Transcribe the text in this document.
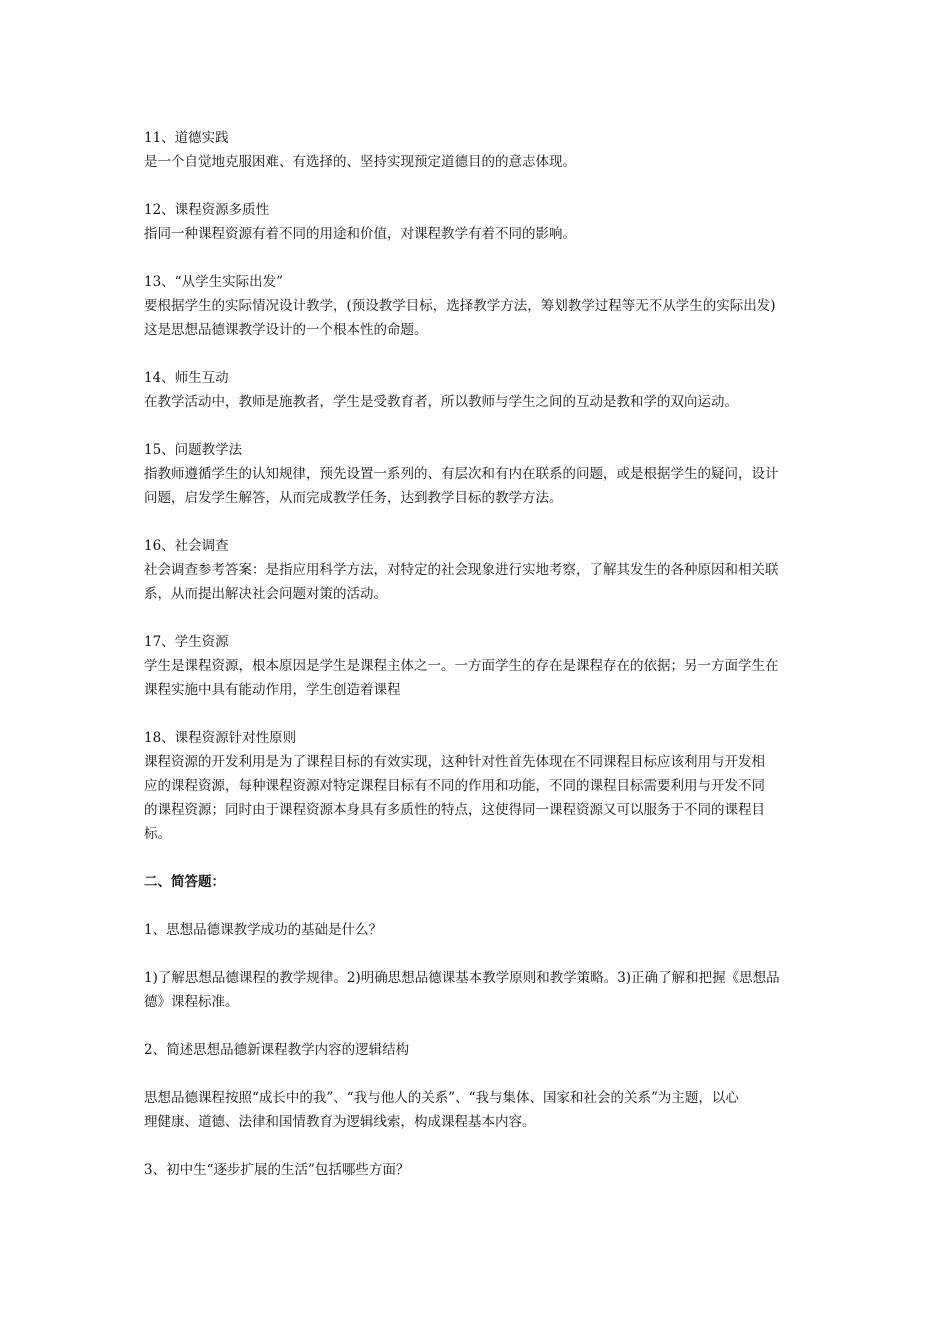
11、道德实践
是一个自觉地克服困难、有选择的、坚持实现预定道德目的的意志体现。
12、课程资源多质性
指同一种课程资源有着不同的用途和价值，对课程教学有着不同的影响。
13、“从学生实际出发”
要根据学生的实际情况设计教学，(预设教学目标，选择教学方法，筹划教学过程等无不从学生的实际出发)
这是思想品德课教学设计的一个根本性的命题。
14、师生互动
在教学活动中，教师是施教者，学生是受教育者，所以教师与学生之间的互动是教和学的双向运动。
15、问题教学法
指教师遵循学生的认知规律，预先设置一系列的、有层次和有内在联系的问题，或是根据学生的疑问，设计
问题，启发学生解答，从而完成教学任务，达到教学目标的教学方法。
16、社会调查
社会调查参考答案：是指应用科学方法，对特定的社会现象进行实地考察，了解其发生的各种原因和相关联
系，从而提出解决社会问题对策的活动。
17、学生资源
学生是课程资源，根本原因是学生是课程主体之一。一方面学生的存在是课程存在的依据；另一方面学生在
课程实施中具有能动作用，学生创造着课程
18、课程资源针对性原则
课程资源的开发利用是为了课程目标的有效实现，这种针对性首先体现在不同课程目标应该利用与开发相
应的课程资源，每种课程资源对特定课程目标有不同的作用和功能，不同的课程目标需要利用与开发不同
的课程资源；同时由于课程资源本身具有多质性的特点，这使得同一课程资源又可以服务于不同的课程目
标。
二、简答题：
1、思想品德课教学成功的基础是什么？
1)了解思想品德课程的教学规律。2)明确思想品德课基本教学原则和教学策略。3)正确了解和把握《思想品
德》课程标准。
2、简述思想品德新课程教学内容的逻辑结构
思想品德课程按照“成长中的我”、“我与他人的关系”、“我与集体、国家和社会的关系”为主题，以心
理健康、道德、法律和国情教育为逻辑线索，构成课程基本内容。
3、初中生“逐步扩展的生活”包括哪些方面？
